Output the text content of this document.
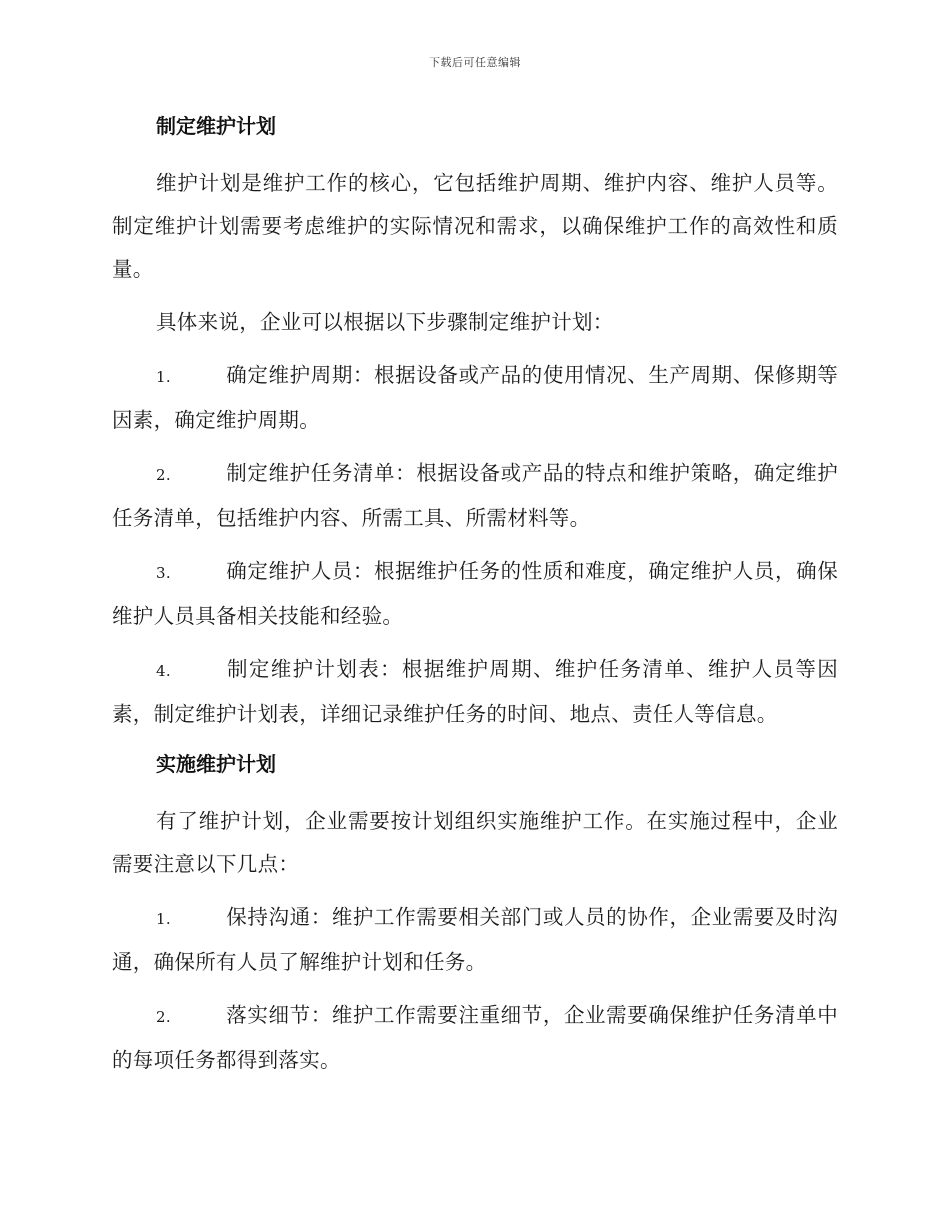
下载后可任意编辑
制定维护计划

维护计划是维护工作的核心，它包括维护周期、维护内容、维护人员等。制定维护计划需要考虑维护的实际情况和需求，以确保维护工作的高效性和质量。

具体来说，企业可以根据以下步骤制定维护计划：

1.	确定维护周期：根据设备或产品的使用情况、生产周期、保修期等因素，确定维护周期。

2.	制定维护任务清单：根据设备或产品的特点和维护策略，确定维护任务清单，包括维护内容、所需工具、所需材料等。

3.	确定维护人员：根据维护任务的性质和难度，确定维护人员，确保维护人员具备相关技能和经验。

4.	制定维护计划表：根据维护周期、维护任务清单、维护人员等因素，制定维护计划表，详细记录维护任务的时间、地点、责任人等信息。

实施维护计划

有了维护计划，企业需要按计划组织实施维护工作。在实施过程中，企业需要注意以下几点：

1.	保持沟通：维护工作需要相关部门或人员的协作，企业需要及时沟通，确保所有人员了解维护计划和任务。

2.	落实细节：维护工作需要注重细节，企业需要确保维护任务清单中的每项任务都得到落实。
